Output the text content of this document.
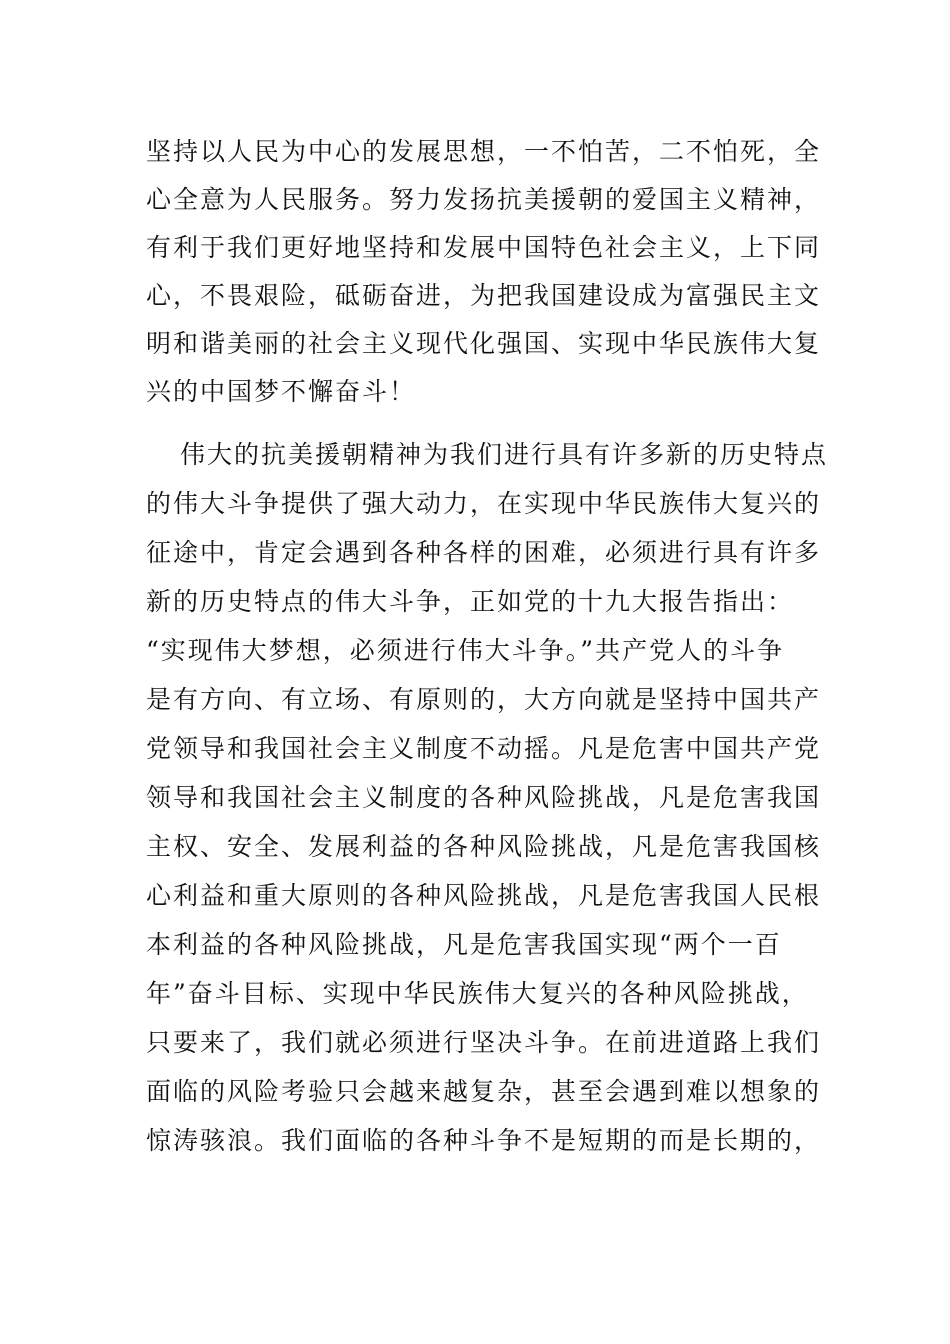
坚持以人民为中心的发展思想，一不怕苦，二不怕死，全
心全意为人民服务。努力发扬抗美援朝的爱国主义精神，
有利于我们更好地坚持和发展中国特色社会主义，上下同
心，不畏艰险，砥砺奋进，为把我国建设成为富强民主文
明和谐美丽的社会主义现代化强国、实现中华民族伟大复
兴的中国梦不懈奋斗！
伟大的抗美援朝精神为我们进行具有许多新的历史特点
的伟大斗争提供了强大动力，在实现中华民族伟大复兴的
征途中，肯定会遇到各种各样的困难，必须进行具有许多
新的历史特点的伟大斗争，正如党的十九大报告指出：
“实现伟大梦想，必须进行伟大斗争。”共产党人的斗争
是有方向、有立场、有原则的，大方向就是坚持中国共产
党领导和我国社会主义制度不动摇。凡是危害中国共产党
领导和我国社会主义制度的各种风险挑战，凡是危害我国
主权、安全、发展利益的各种风险挑战，凡是危害我国核
心利益和重大原则的各种风险挑战，凡是危害我国人民根
本利益的各种风险挑战，凡是危害我国实现“两个一百
年”奋斗目标、实现中华民族伟大复兴的各种风险挑战，
只要来了，我们就必须进行坚决斗争。在前进道路上我们
面临的风险考验只会越来越复杂，甚至会遇到难以想象的
惊涛骇浪。我们面临的各种斗争不是短期的而是长期的，
